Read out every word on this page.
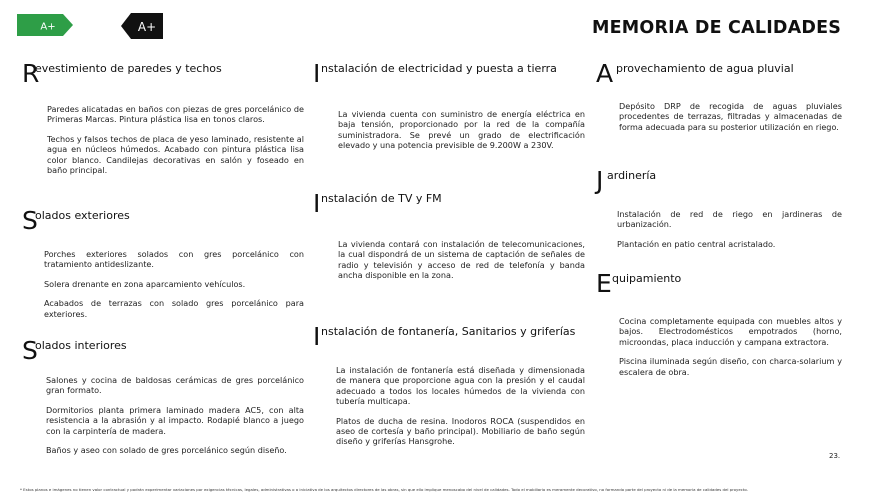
A+	A+	MEMORIA DE CALIDADES
R
evestimiento de paredes y techos

Paredes alicatadas en baños con piezas de gres porcelánico de Primeras Marcas. Pintura plástica lisa en tonos claros.

Techos y falsos techos de placa de yeso laminado, resistente al agua en núcleos húmedos. Acabado con pintura plástica lisa color blanco. Candilejas decorativas en salón y foseado en baño principal.

S
olados exteriores

Porches exteriores solados con gres porcelánico con tratamiento antideslizante.

Solera drenante en zona aparcamiento vehículos.

Acabados de terrazas con solado gres porcelánico para exteriores.

S
olados interiores

Salones y cocina de baldosas cerámicas de gres porcelánico gran formato.

Dormitorios planta primera laminado madera AC5, con alta resistencia a la abrasión y al impacto. Rodapié blanco a juego con la carpintería de madera.

Baños y aseo con solado de gres porcelánico según diseño.

I nstalación de electricidad y puesta a tierra

La vivienda cuenta con suministro de energía eléctrica en baja tensión, proporcionado por la red de la compañía suministradora. Se prevé un grado de electrificación elevado y una potencia previsible de 9.200W a 230V.

I nstalación de TV y FM

La vivienda contará con instalación de telecomunicaciones, la cual dispondrá de un sistema de captación de señales de radio y televisión y acceso de red de telefonía y banda ancha disponible en la zona.

I nstalación de fontanería, Sanitarios y griferías

La instalación de fontanería está diseñada y dimensionada de manera que proporcione agua con la presión y el caudal adecuado a todos los locales húmedos de la vivienda con tubería multicapa.

Platos de ducha de resina. Inodoros ROCA (suspendidos en aseo de cortesía y baño principal). Mobiliario de baño según diseño y griferías Hansgrohe.

A provechamiento de agua pluvial

Depósito DRP de recogida de aguas pluviales procedentes de terrazas, filtradas y almacenadas de forma adecuada para su posterior utilización en riego.

J ardinería

Instalación de red de riego en jardineras de urbanización.

Plantación en patio central acristalado.

E quipamiento

Cocina completamente equipada con muebles altos y bajos. Electrodomésticos empotrados (horno, microondas, placa inducción y campana extractora.

Piscina iluminada según diseño, con charca-solarium y escalera de obra.

23.
* Estos planos e imágenes no tienen valor contractual y podrán experimentar variaciones por exigencias técnicas, legales, administrativas o a iniciativa de los arquitectos directores de las obras, sin que ello implique menoscabo del nivel de calidades. Todo el mobiliario es meramente decorativo, no formando parte del proyecto ni de la memoria de calidades del proyecto.
